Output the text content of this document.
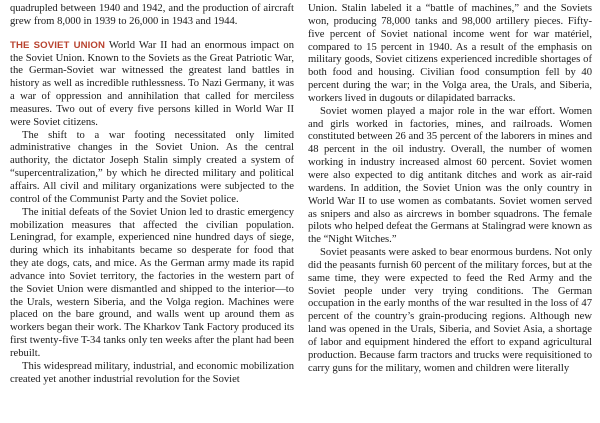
quadrupled between 1940 and 1942, and the production of aircraft grew from 8,000 in 1939 to 26,000 in 1943 and 1944.

THE SOVIET UNION World War II had an enormous impact on the Soviet Union. Known to the Soviets as the Great Patriotic War, the German-Soviet war witnessed the greatest land battles in history as well as incredible ruthlessness. To Nazi Germany, it was a war of oppression and annihilation that called for merciless measures. Two out of every five persons killed in World War II were Soviet citizens.

The shift to a war footing necessitated only limited administrative changes in the Soviet Union. As the central authority, the dictator Joseph Stalin simply created a system of “supercentralization,” by which he directed military and political affairs. All civil and military organizations were subjected to the control of the Communist Party and the Soviet police.

The initial defeats of the Soviet Union led to drastic emergency mobilization measures that affected the civilian population. Leningrad, for example, experienced nine hundred days of siege, during which its inhabitants became so desperate for food that they ate dogs, cats, and mice. As the German army made its rapid advance into Soviet territory, the factories in the western part of the Soviet Union were dismantled and shipped to the interior—to the Urals, western Siberia, and the Volga region. Machines were placed on the bare ground, and walls went up around them as workers began their work. The Kharkov Tank Factory produced its first twenty-five T-34 tanks only ten weeks after the plant had been rebuilt.

This widespread military, industrial, and economic mobilization created yet another industrial revolution for the Soviet

Union. Stalin labeled it a “battle of machines,” and the Soviets won, producing 78,000 tanks and 98,000 artillery pieces. Fifty-five percent of Soviet national income went for war matériel, compared to 15 percent in 1940. As a result of the emphasis on military goods, Soviet citizens experienced incredible shortages of both food and housing. Civilian food consumption fell by 40 percent during the war; in the Volga area, the Urals, and Siberia, workers lived in dugouts or dilapidated barracks.

Soviet women played a major role in the war effort. Women and girls worked in factories, mines, and railroads. Women constituted between 26 and 35 percent of the laborers in mines and 48 percent in the oil industry. Overall, the number of women working in industry increased almost 60 percent. Soviet women were also expected to dig antitank ditches and work as air-raid wardens. In addition, the Soviet Union was the only country in World War II to use women as combatants. Soviet women served as snipers and also as aircrews in bomber squadrons. The female pilots who helped defeat the Germans at Stalingrad were known as the “Night Witches.”

Soviet peasants were asked to bear enormous burdens. Not only did the peasants furnish 60 percent of the military forces, but at the same time, they were expected to feed the Red Army and the Soviet people under very trying conditions. The German occupation in the early months of the war resulted in the loss of 47 percent of the country’s grain-producing regions. Although new land was opened in the Urals, Siberia, and Soviet Asia, a shortage of labor and equipment hindered the effort to expand agricultural production. Because farm tractors and trucks were requisitioned to carry guns for the military, women and children were literally
